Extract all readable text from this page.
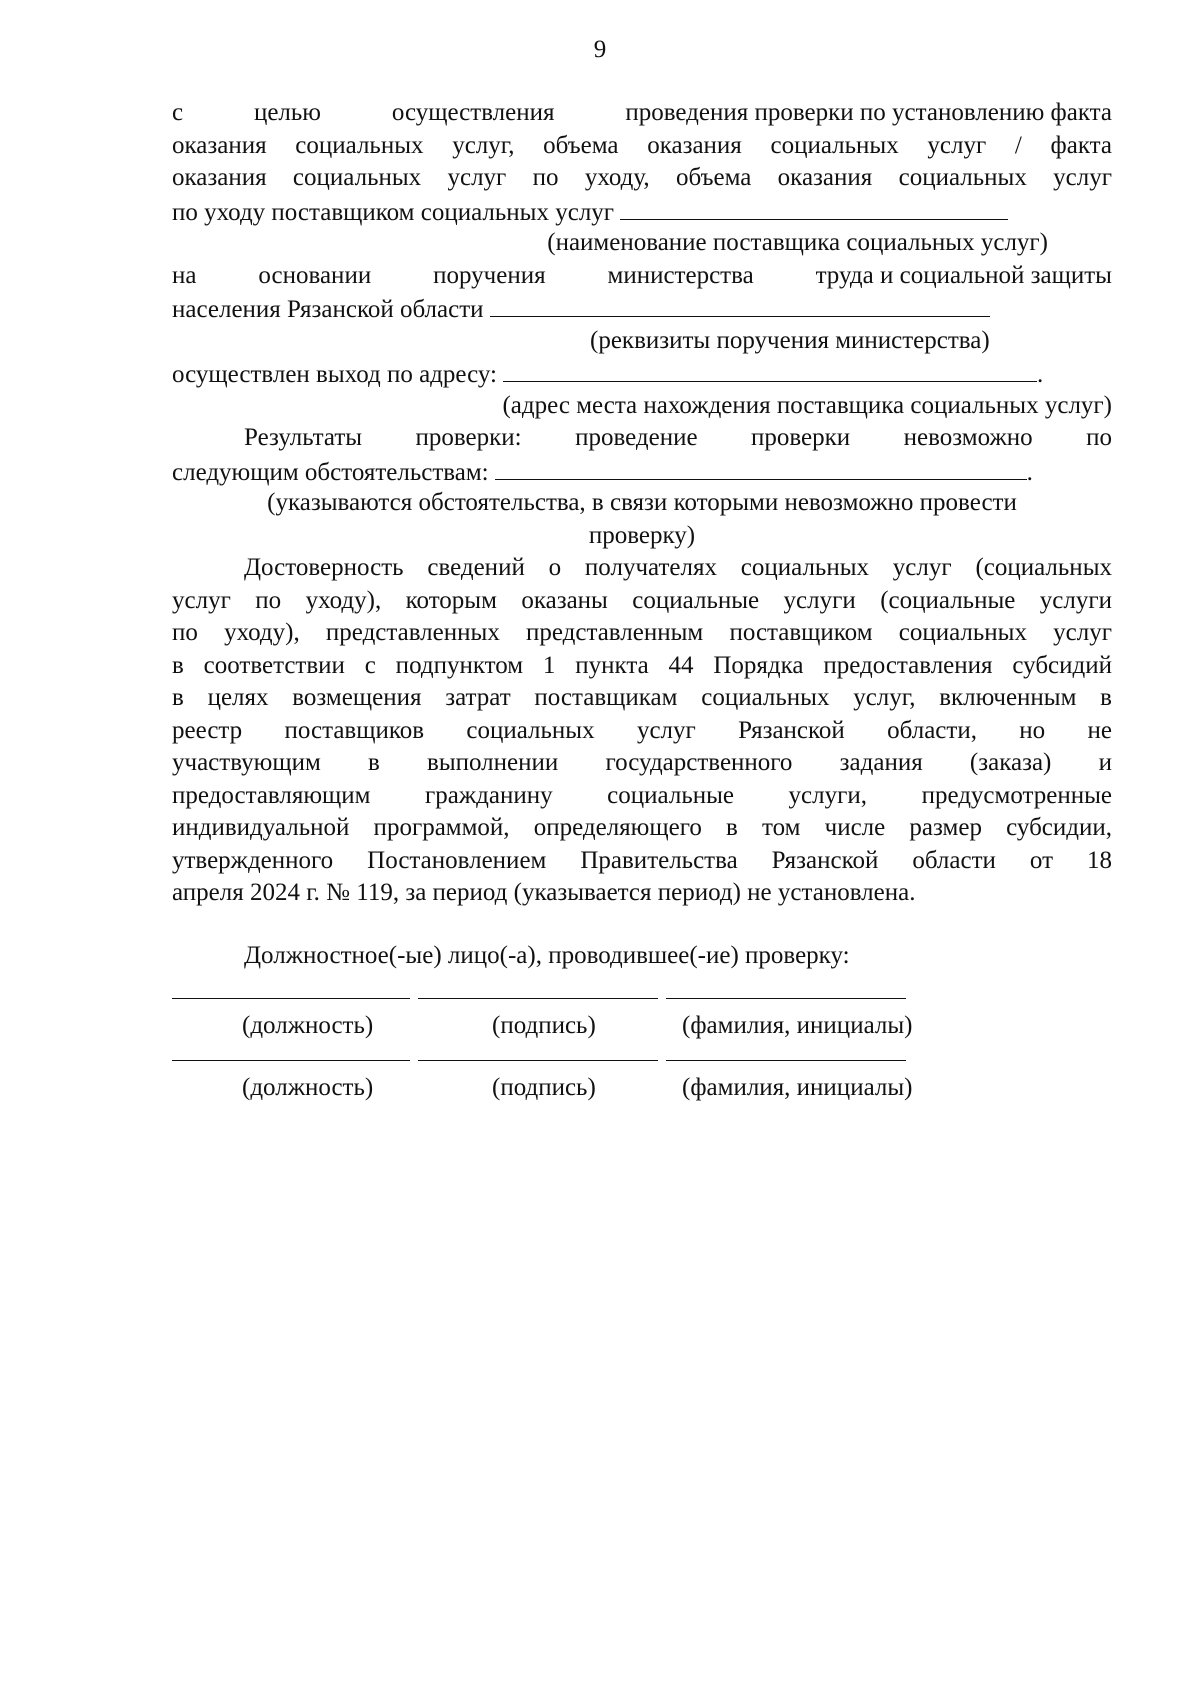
9
с	целью	осуществления	проведения проверки по установлению факта
оказания социальных услуг, объема оказания социальных услуг / факта
оказания социальных услуг по уходу, объема оказания социальных услуг
по уходу поставщиком социальных услуг
(наименование поставщика социальных услуг)
на основании поручения министерства труда и социальной защиты
населения Рязанской области
(реквизиты поручения министерства)
осуществлен выход по адресу:	.
(адрес места нахождения поставщика социальных услуг)
Результаты проверки: проведение проверки невозможно по
следующим обстоятельствам:	.
(указываются обстоятельства, в связи которыми невозможно провести
проверку)
Достоверность сведений о получателях социальных услуг (социальных
услуг по уходу), которым оказаны социальные услуги (социальные услуги
по уходу), представленных представленным поставщиком социальных услуг
в соответствии с подпунктом 1 пункта 44 Порядка предоставления субсидий
в целях возмещения затрат поставщикам социальных услуг, включенным в
реестр поставщиков социальных услуг Рязанской области, но не
участвующим в выполнении государственного задания (заказа) и
предоставляющим гражданину социальные услуги, предусмотренные
индивидуальной программой, определяющего в том числе размер субсидии,
утвержденного Постановлением Правительства Рязанской области от 18
апреля 2024 г. № 119, за период (указывается период) не установлена.
Должностное(-ые) лицо(-а), проводившее(-ие) проверку:
(должность)	(подпись)	(фамилия, инициалы)
(должность)	(подпись)	(фамилия, инициалы)
